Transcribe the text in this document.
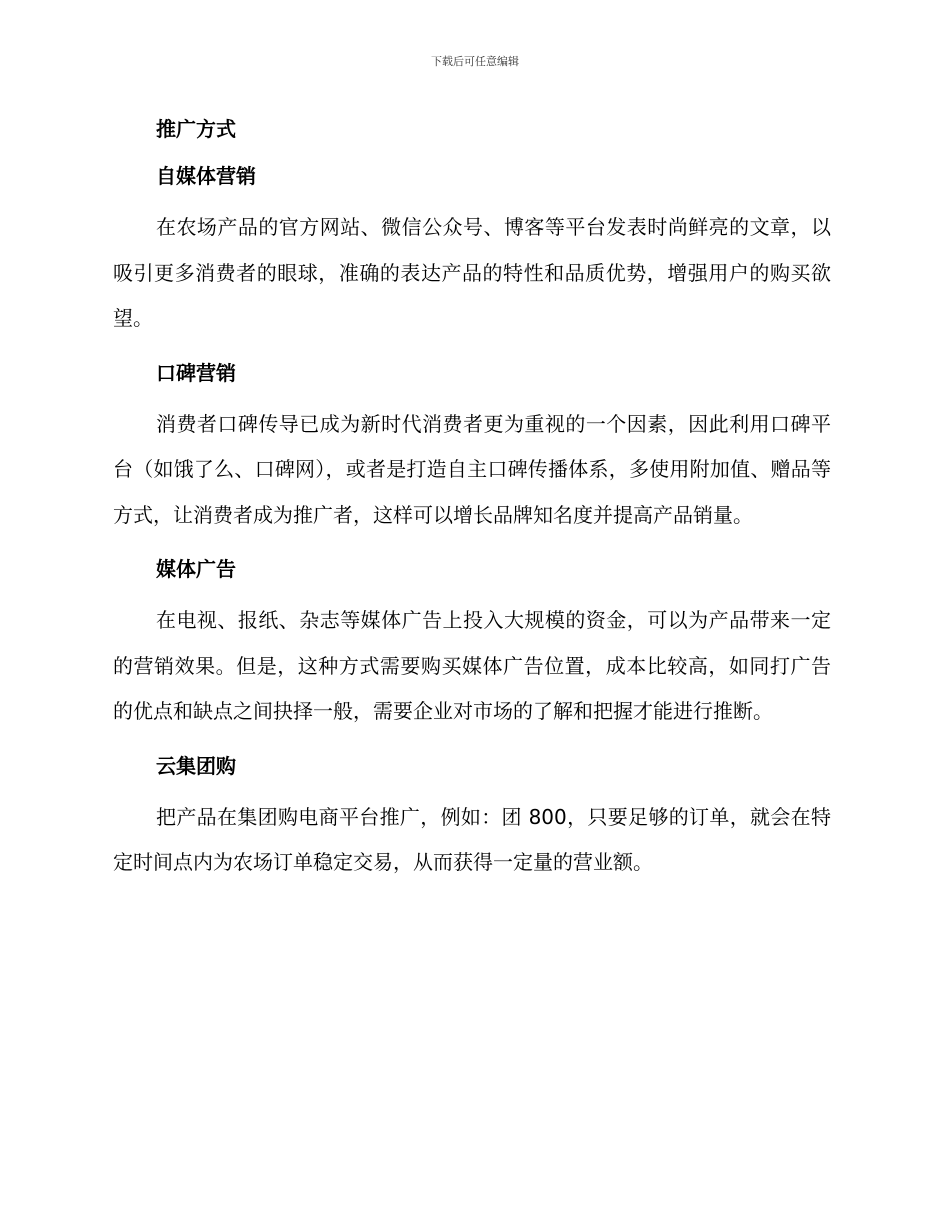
下载后可任意编辑
推广方式
自媒体营销

在农场产品的官方网站、微信公众号、博客等平台发表时尚鲜亮的文章，以吸引更多消费者的眼球，准确的表达产品的特性和品质优势，增强用户的购买欲望。

口碑营销

消费者口碑传导已成为新时代消费者更为重视的一个因素，因此利用口碑平台（如饿了么、口碑网），或者是打造自主口碑传播体系，多使用附加值、赠品等方式，让消费者成为推广者，这样可以增长品牌知名度并提高产品销量。

媒体广告

在电视、报纸、杂志等媒体广告上投入大规模的资金，可以为产品带来一定的营销效果。但是，这种方式需要购买媒体广告位置，成本比较高，如同打广告的优点和缺点之间抉择一般，需要企业对市场的了解和把握才能进行推断。

云集团购

把产品在集团购电商平台推广，例如：团 800，只要足够的订单，就会在特定时间点内为农场订单稳定交易，从而获得一定量的营业额。
